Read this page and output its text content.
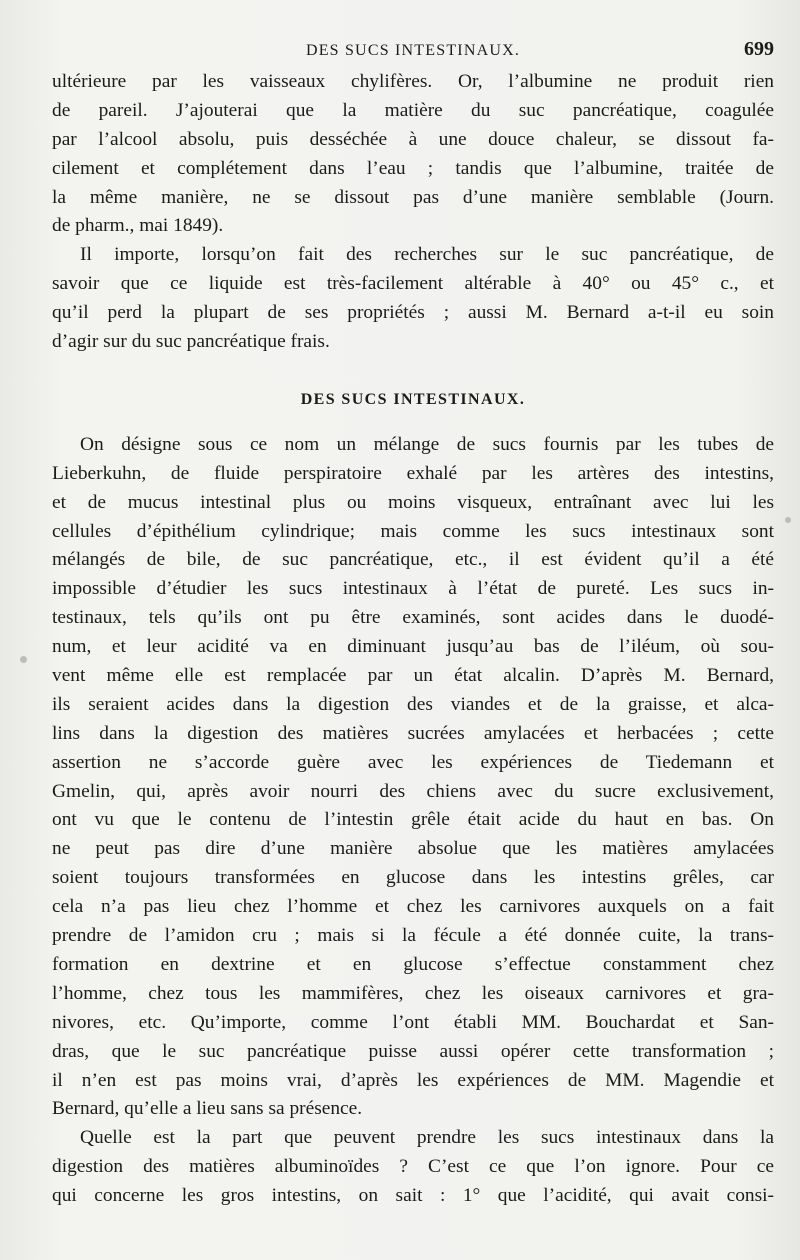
DES SUCS INTESTINAUX.	699
ultérieure par les vaisseaux chylifères. Or, l’albumine ne produit rien
de pareil. J’ajouterai que la matière du suc pancréatique, coagulée
par l’alcool absolu, puis desséchée à une douce chaleur, se dissout fa-
cilement et complétement dans l’eau ; tandis que l’albumine, traitée de
la même manière, ne se dissout pas d’une manière semblable (Journ.
de pharm., mai 1849).
Il importe, lorsqu’on fait des recherches sur le suc pancréatique, de
savoir que ce liquide est très-facilement altérable à 40° ou 45° c., et
qu’il perd la plupart de ses propriétés ; aussi M. Bernard a-t-il eu soin
d’agir sur du suc pancréatique frais.
DES SUCS INTESTINAUX.
On désigne sous ce nom un mélange de sucs fournis par les tubes de
Lieberkuhn, de fluide perspiratoire exhalé par les artères des intestins,
et de mucus intestinal plus ou moins visqueux, entraînant avec lui les
cellules d’épithélium cylindrique; mais comme les sucs intestinaux sont
mélangés de bile, de suc pancréatique, etc., il est évident qu’il a été
impossible d’étudier les sucs intestinaux à l’état de pureté. Les sucs in-
testinaux, tels qu’ils ont pu être examinés, sont acides dans le duodé-
num, et leur acidité va en diminuant jusqu’au bas de l’iléum, où sou-
vent même elle est remplacée par un état alcalin. D’après M. Bernard,
ils seraient acides dans la digestion des viandes et de la graisse, et alca-
lins dans la digestion des matières sucrées amylacées et herbacées ; cette
assertion ne s’accorde guère avec les expériences de Tiedemann et
Gmelin, qui, après avoir nourri des chiens avec du sucre exclusivement,
ont vu que le contenu de l’intestin grêle était acide du haut en bas. On
ne peut pas dire d’une manière absolue que les matières amylacées
soient toujours transformées en glucose dans les intestins grêles, car
cela n’a pas lieu chez l’homme et chez les carnivores auxquels on a fait
prendre de l’amidon cru ; mais si la fécule a été donnée cuite, la trans-
formation en dextrine et en glucose s’effectue constamment chez
l’homme, chez tous les mammifères, chez les oiseaux carnivores et gra-
nivores, etc. Qu’importe, comme l’ont établi MM. Bouchardat et San-
dras, que le suc pancréatique puisse aussi opérer cette transformation ;
il n’en est pas moins vrai, d’après les expériences de MM. Magendie et
Bernard, qu’elle a lieu sans sa présence.
Quelle est la part que peuvent prendre les sucs intestinaux dans la
digestion des matières albuminoïdes ? C’est ce que l’on ignore. Pour ce
qui concerne les gros intestins, on sait : 1° que l’acidité, qui avait consi-
